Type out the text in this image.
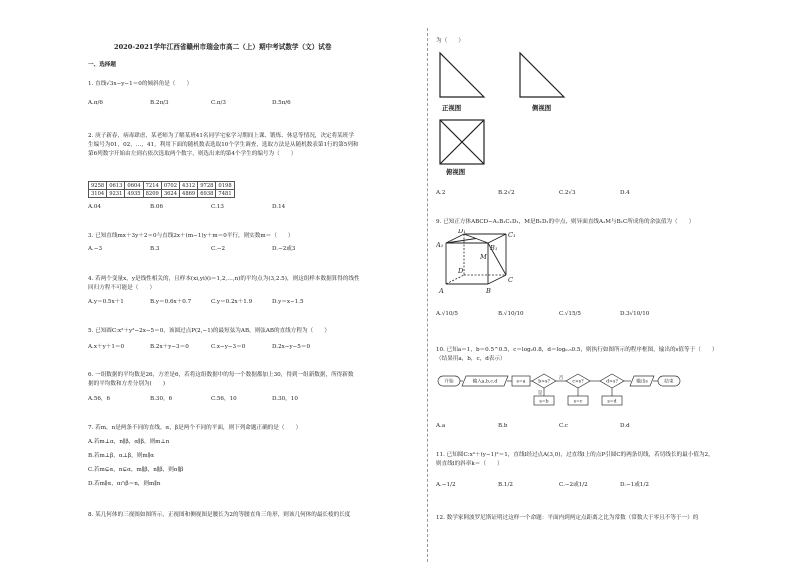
2020-2021学年江西省赣州市瑞金市高二（上）期中考试数学（文）试卷
一、选择题
1. 直线√3x−y−1＝0的倾斜角是（　　）
A.π/6	B.2π/3	C.π/3	D.5π/6
2. 庚子新春，病毒肆虐，某老师为了解某班41名同学宅家学习期间上课、锻炼、休息等情况，决定将某班学
生编号为01，02，…，41，利用下面的随机数表选取10个学生调查，选取方法是从随机数表第1行的第5列和
第6列数字开始由左到右依次选取两个数字，则选出来的第4个学生的编号为（　　）
9258	0613	0604	7214	0702	4312	9728	0198
3104	9231	4935	8209	3624	4869	6938	7481
A.04	B.06	C.13	D.14
3. 已知直线mx＋3y＋2＝0与直线2x＋(m−1)y＋m＝0平行，则实数m＝（　　）
A.−3	B.3	C.−2	D.−2或3
4. 若两个变量x，y是线性相关的，且样本(xi,yi)(i＝1,2,…,n)的平均点为(3,2.5)，则这组样本数据算得的线性
回归方程不可能是（　　）
A.y＝0.5x＋1	B.y＝0.6x＋0.7	C.y＝0.2x＋1.9	D.y＝x−1.5
5. 已知圆C:x²＋y²−2x−5＝0，该圆过点P(2,−1)的最短弦为AB，则弦AB的直线方程为（　　）
A.x＋y＋1＝0	B.2x＋y−3＝0	C.x−y−3＝0	D.2x−y−5＝0
6. 一组数据的平均数是26，方差是6，若将这组数据中的每一个数据都加上30，得到一组新数据，所得新数
据的平均数和方差分别为(　　)
A.56，6	B.30，6	C.56，10	D.30，10
7. 若m，n是两条不同的直线，α，β是两个不同的平面，则下列命题正确的是（　　）
A.若m⊥α，n∥β，α∥β，则m⊥n
B.若m⊥β，α⊥β，则m∥α
C.若m⊊α，n⊊α，m∥β，n∥β，则α∥β
D.若m∥α，α∩β＝n，则m∥n
8. 某几何体的三视图如图所示，正视图和侧视图是腰长为2的等腰直角三角形，则该几何体的最长棱的长度
为（　　）
正视图	侧视图
俯视图
A.2	B.2√2	C.2√3	D.4
9. 已知正方体ABCD−A₁B₁C₁D₁，M是B₁D₁的中点，则异面直线A₁M与B₁C所成角的余弦值为（　　）
A₁
D₁	C₁
B₁
M
D
C
A	B
A.√10/5	B.√10/10	C.√15/5	D.3√10/10
10. 已知a＝1，b＝0.5^0.5，c＝log₂0.8，d＝log₀.₅0.5，则执行如图所示的程序框图，输出的s值等于（　　）
（结果用a，b，c，d表示）
开始	输入a,b,c,d	s=a	b>s?
s=b
c>s?
是
否
s=c
d>s?
s=d
输出s	结束
A.a	B.b	C.c	D.d
11. 已知圆C:x²＋(y−1)²＝1，直线l经过点A(3,0)，过直线l上的点P引圆C的两条切线，若切线长的最小值为2，
则直线l的斜率k＝（　　）
A.−1/2	B.1/2	C.−2或1/2	D.−1或1/2
12. 数学家阿波罗尼斯证明过这样一个命题：平面内到两定点距离之比为常数（常数大于零且不等于一）的
